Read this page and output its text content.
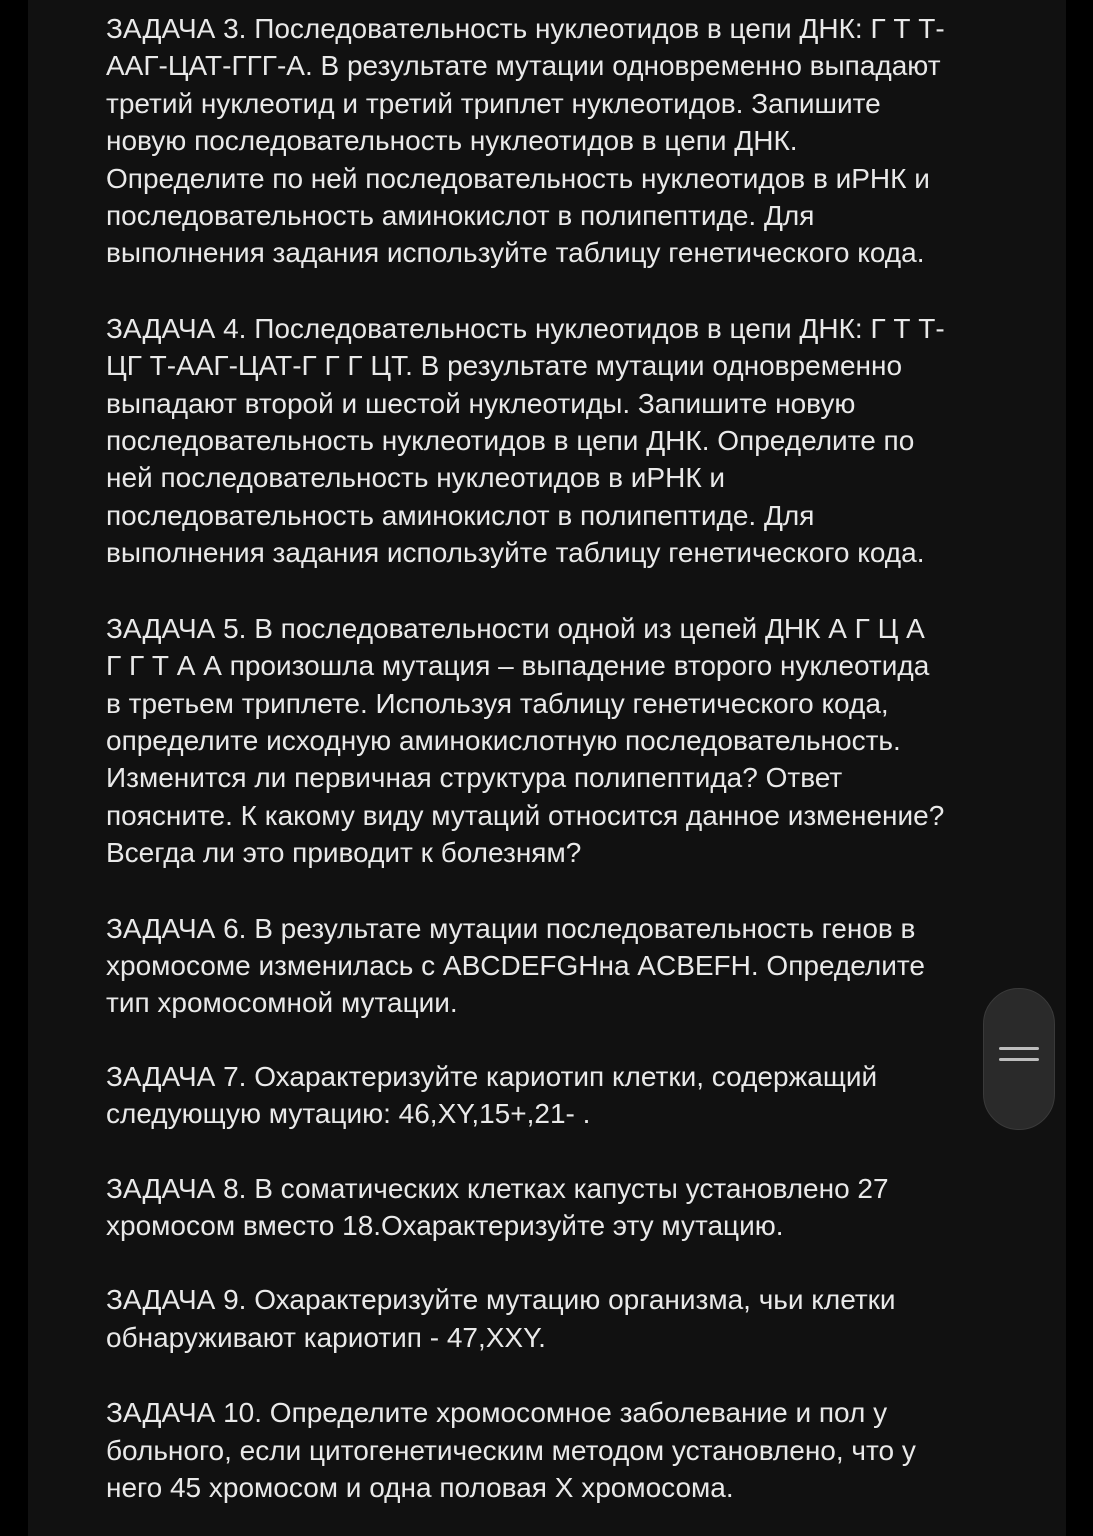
ЗАДАЧА 3. Последовательность нуклеотидов в цепи ДНК: Г Т Т-
ААГ-ЦАТ-ГГГ-А. В результате мутации одновременно выпадают
третий нуклеотид и третий триплет нуклеотидов. Запишите
новую последовательность нуклеотидов в цепи ДНК.
Определите по ней последовательность нуклеотидов в иРНК и
последовательность аминокислот в полипептиде. Для
выполнения задания используйте таблицу генетического кода.

ЗАДАЧА 4. Последовательность нуклеотидов в цепи ДНК: Г Т Т-
ЦГ Т-ААГ-ЦАТ-Г Г Г ЦТ. В результате мутации одновременно
выпадают второй и шестой нуклеотиды. Запишите новую
последовательность нуклеотидов в цепи ДНК. Определите по
ней последовательность нуклеотидов в иРНК и
последовательность аминокислот в полипептиде. Для
выполнения задания используйте таблицу генетического кода.

ЗАДАЧА 5. В последовательности одной из цепей ДНК А Г Ц А
Г Г Т А А произошла мутация – выпадение второго нуклеотида
в третьем триплете. Используя таблицу генетического кода,
определите исходную аминокислотную последовательность.
Изменится ли первичная структура полипептида? Ответ
поясните. К какому виду мутаций относится данное изменение?
Всегда ли это приводит к болезням?

ЗАДАЧА 6. В результате мутации последовательность генов в
хромосоме изменилась с ABCDEFGHна ACBEFH. Определите
тип хромосомной мутации.

ЗАДАЧА 7. Охарактеризуйте кариотип клетки, содержащий
следующую мутацию: 46,XY,15+,21- .

ЗАДАЧА 8. В соматических клетках капусты установлено 27
хромосом вместо 18.Охарактеризуйте эту мутацию.

ЗАДАЧА 9. Охарактеризуйте мутацию организма, чьи клетки
обнаруживают кариотип - 47,XXY.

ЗАДАЧА 10. Определите хромосомное заболевание и пол у
больного, если цитогенетическим методом установлено, что у
него 45 хромосом и одна половая Х хромосома.
